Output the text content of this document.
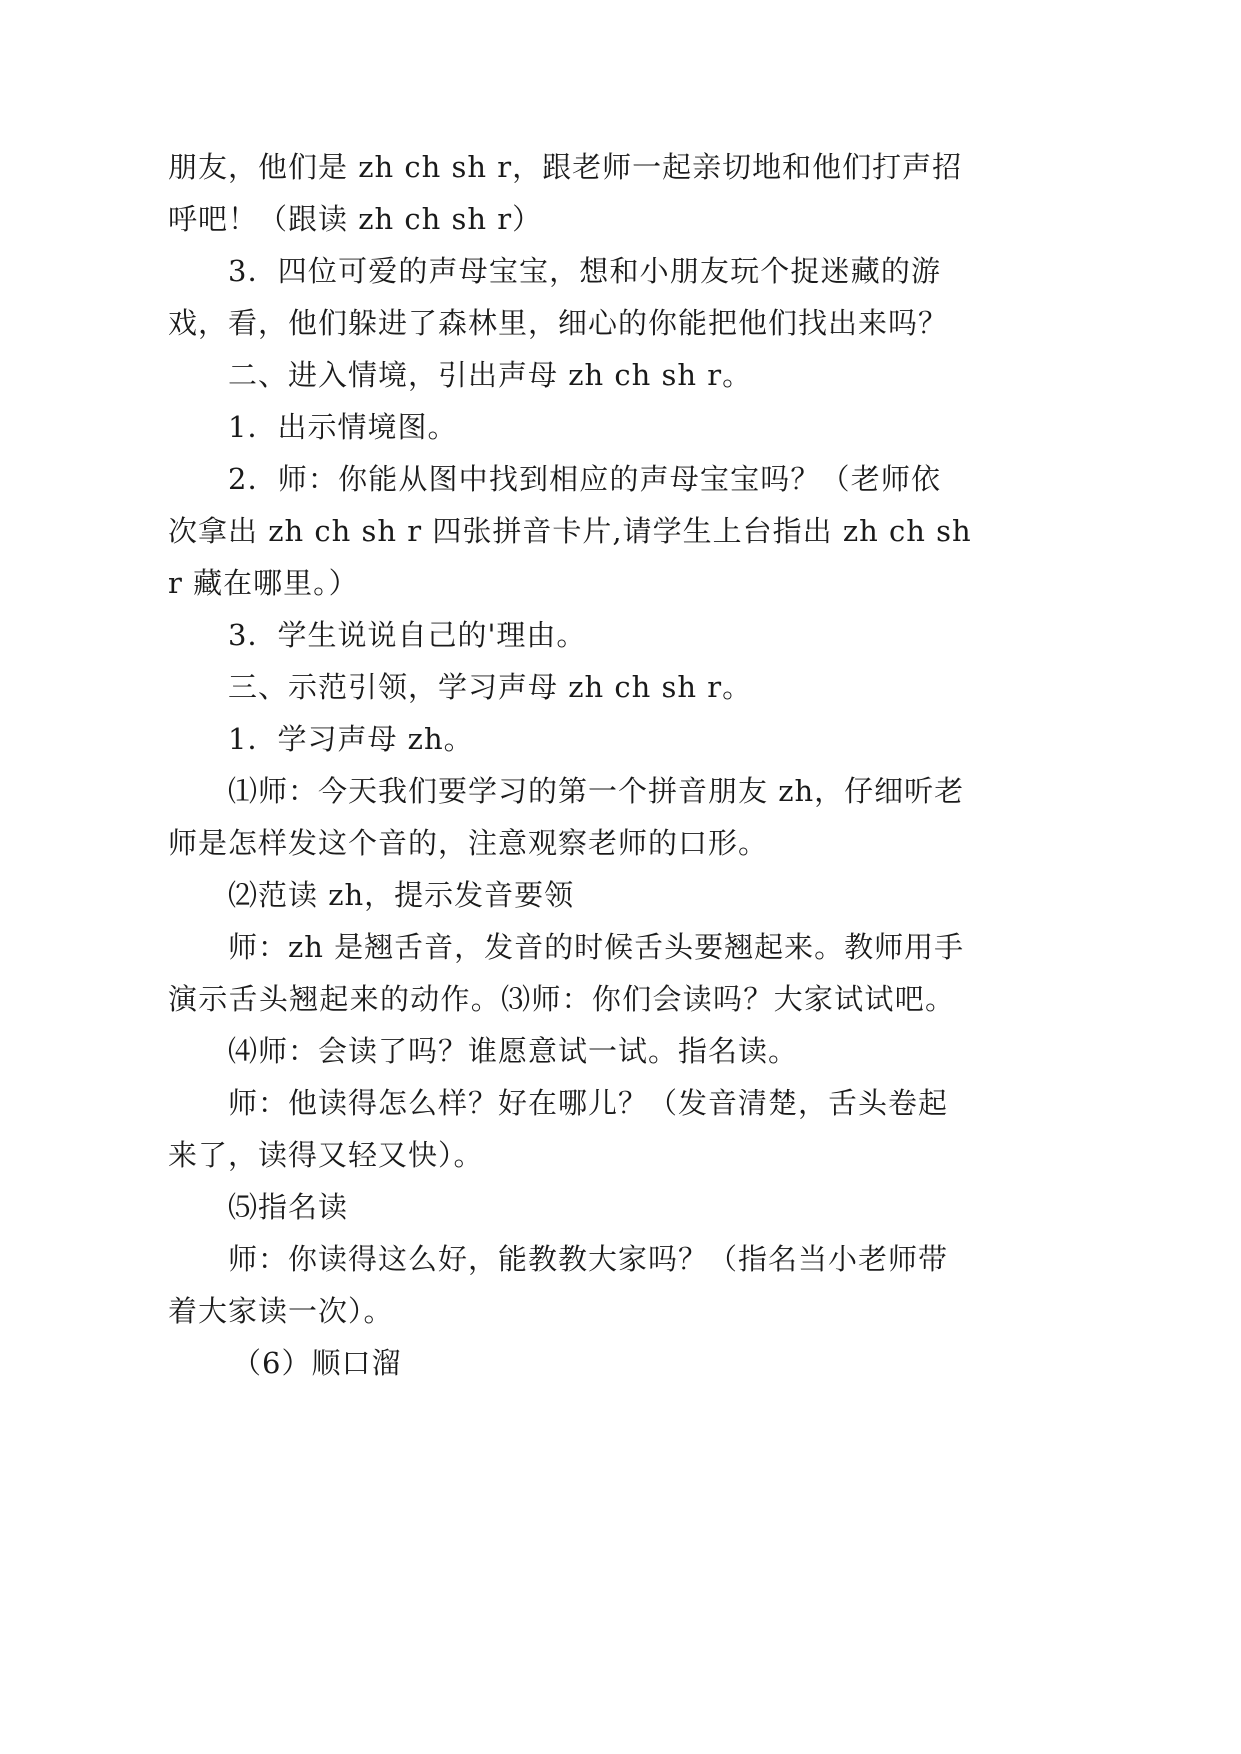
朋友，他们是 zh ch sh r，跟老师一起亲切地和他们打声招
呼吧！（跟读 zh ch sh r）
3．四位可爱的声母宝宝，想和小朋友玩个捉迷藏的游
戏，看，他们躲进了森林里，细心的你能把他们找出来吗？
二、进入情境，引出声母 zh ch sh r。
1．出示情境图。
2．师：你能从图中找到相应的声母宝宝吗？（老师依
次拿出 zh ch sh r 四张拼音卡片,请学生上台指出 zh ch sh
r 藏在哪里。）
3．学生说说自己的'理由。
三、示范引领，学习声母 zh ch sh r。
1．学习声母 zh。
⑴师：今天我们要学习的第一个拼音朋友 zh，仔细听老
师是怎样发这个音的，注意观察老师的口形。
⑵范读 zh，提示发音要领
师：zh 是翘舌音，发音的时候舌头要翘起来。教师用手
演示舌头翘起来的动作。⑶师：你们会读吗？大家试试吧。
⑷师：会读了吗？谁愿意试一试。指名读。
师：他读得怎么样？好在哪儿？（发音清楚，舌头卷起
来了，读得又轻又快）。
⑸指名读
师：你读得这么好，能教教大家吗？（指名当小老师带
着大家读一次）。
（6）顺口溜
